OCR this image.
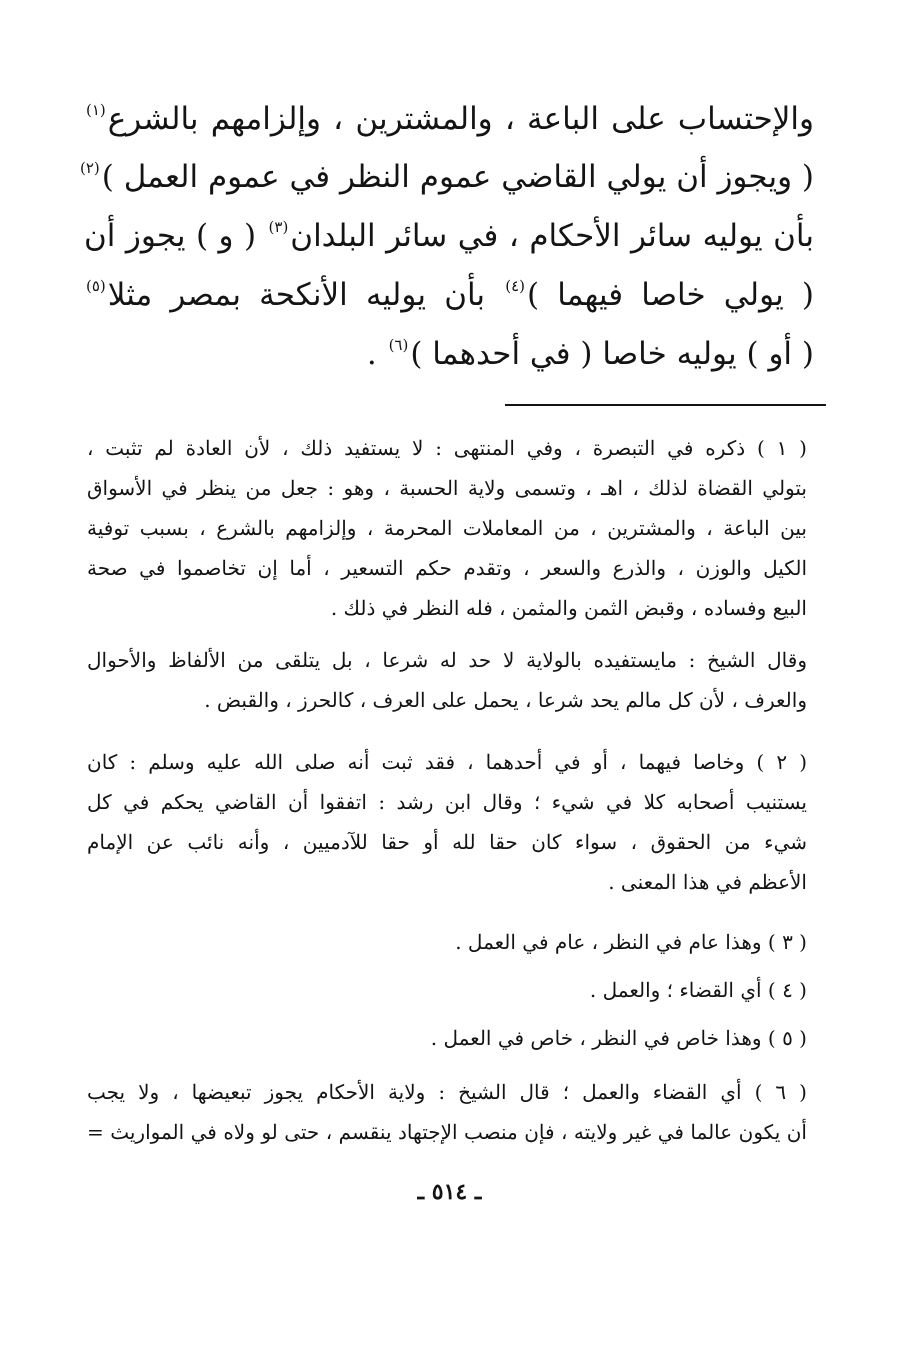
والإحتساب على الباعة ، والمشترين ، وإلزامهم بالشرع$^{(١)}$
( ويجوز أن يولي القاضي عموم النظر في عموم العمل )$^{(٢)}$
بأن يوليه سائر الأحكام ، في سائر البلدان$^{(٣)}$ ( و ) يجوز أن
( يولي خاصا فيهما )$^{(٤)}$ بأن يوليه الأنكحة بمصر مثلا$^{(٥)}$
( أو ) يوليه خاصا ( في أحدهما )$^{(٦)}$ .
( ١ ) ذكره في التبصرة ، وفي المنتهى : لا يستفيد ذلك ، لأن العادة لم تثبت ،
بتولي القضاة لذلك ، اهـ ، وتسمى ولاية الحسبة ، وهو : جعل من ينظر في الأسواق
بين الباعة ، والمشترين ، من المعاملات المحرمة ، وإلزامهم بالشرع ، بسبب توفية
الكيل والوزن ، والذرع والسعر ، وتقدم حكم التسعير ، أما إن تخاصموا في صحة
البيع وفساده ، وقبض الثمن والمثمن ، فله النظر في ذلك .
وقال الشيخ : مايستفيده بالولاية لا حد له شرعا ، بل يتلقى من الألفاظ والأحوال
والعرف ، لأن كل مالم يحد شرعا ، يحمل على العرف ، كالحرز ، والقبض .
( ٢ ) وخاصا فيهما ، أو في أحدهما ، فقد ثبت أنه صلى الله عليه وسلم : كان
يستنيب أصحابه كلا في شيء ؛ وقال ابن رشد : اتفقوا أن القاضي يحكم في كل
شيء من الحقوق ، سواء كان حقا لله أو حقا للآدميين ، وأنه نائب عن الإمام
الأعظم في هذا المعنى .
( ٣ ) وهذا عام في النظر ، عام في العمل .
( ٤ ) أي القضاء ؛ والعمل .
( ٥ ) وهذا خاص في النظر ، خاص في العمل .
( ٦ ) أي القضاء والعمل ؛ قال الشيخ : ولاية الأحكام يجوز تبعيضها ، ولا يجب
أن يكون عالما في غير ولايته ، فإن منصب الإجتهاد ينقسم ، حتى لو ولاه في المواريث =
ـ ٥١٤ ـ
